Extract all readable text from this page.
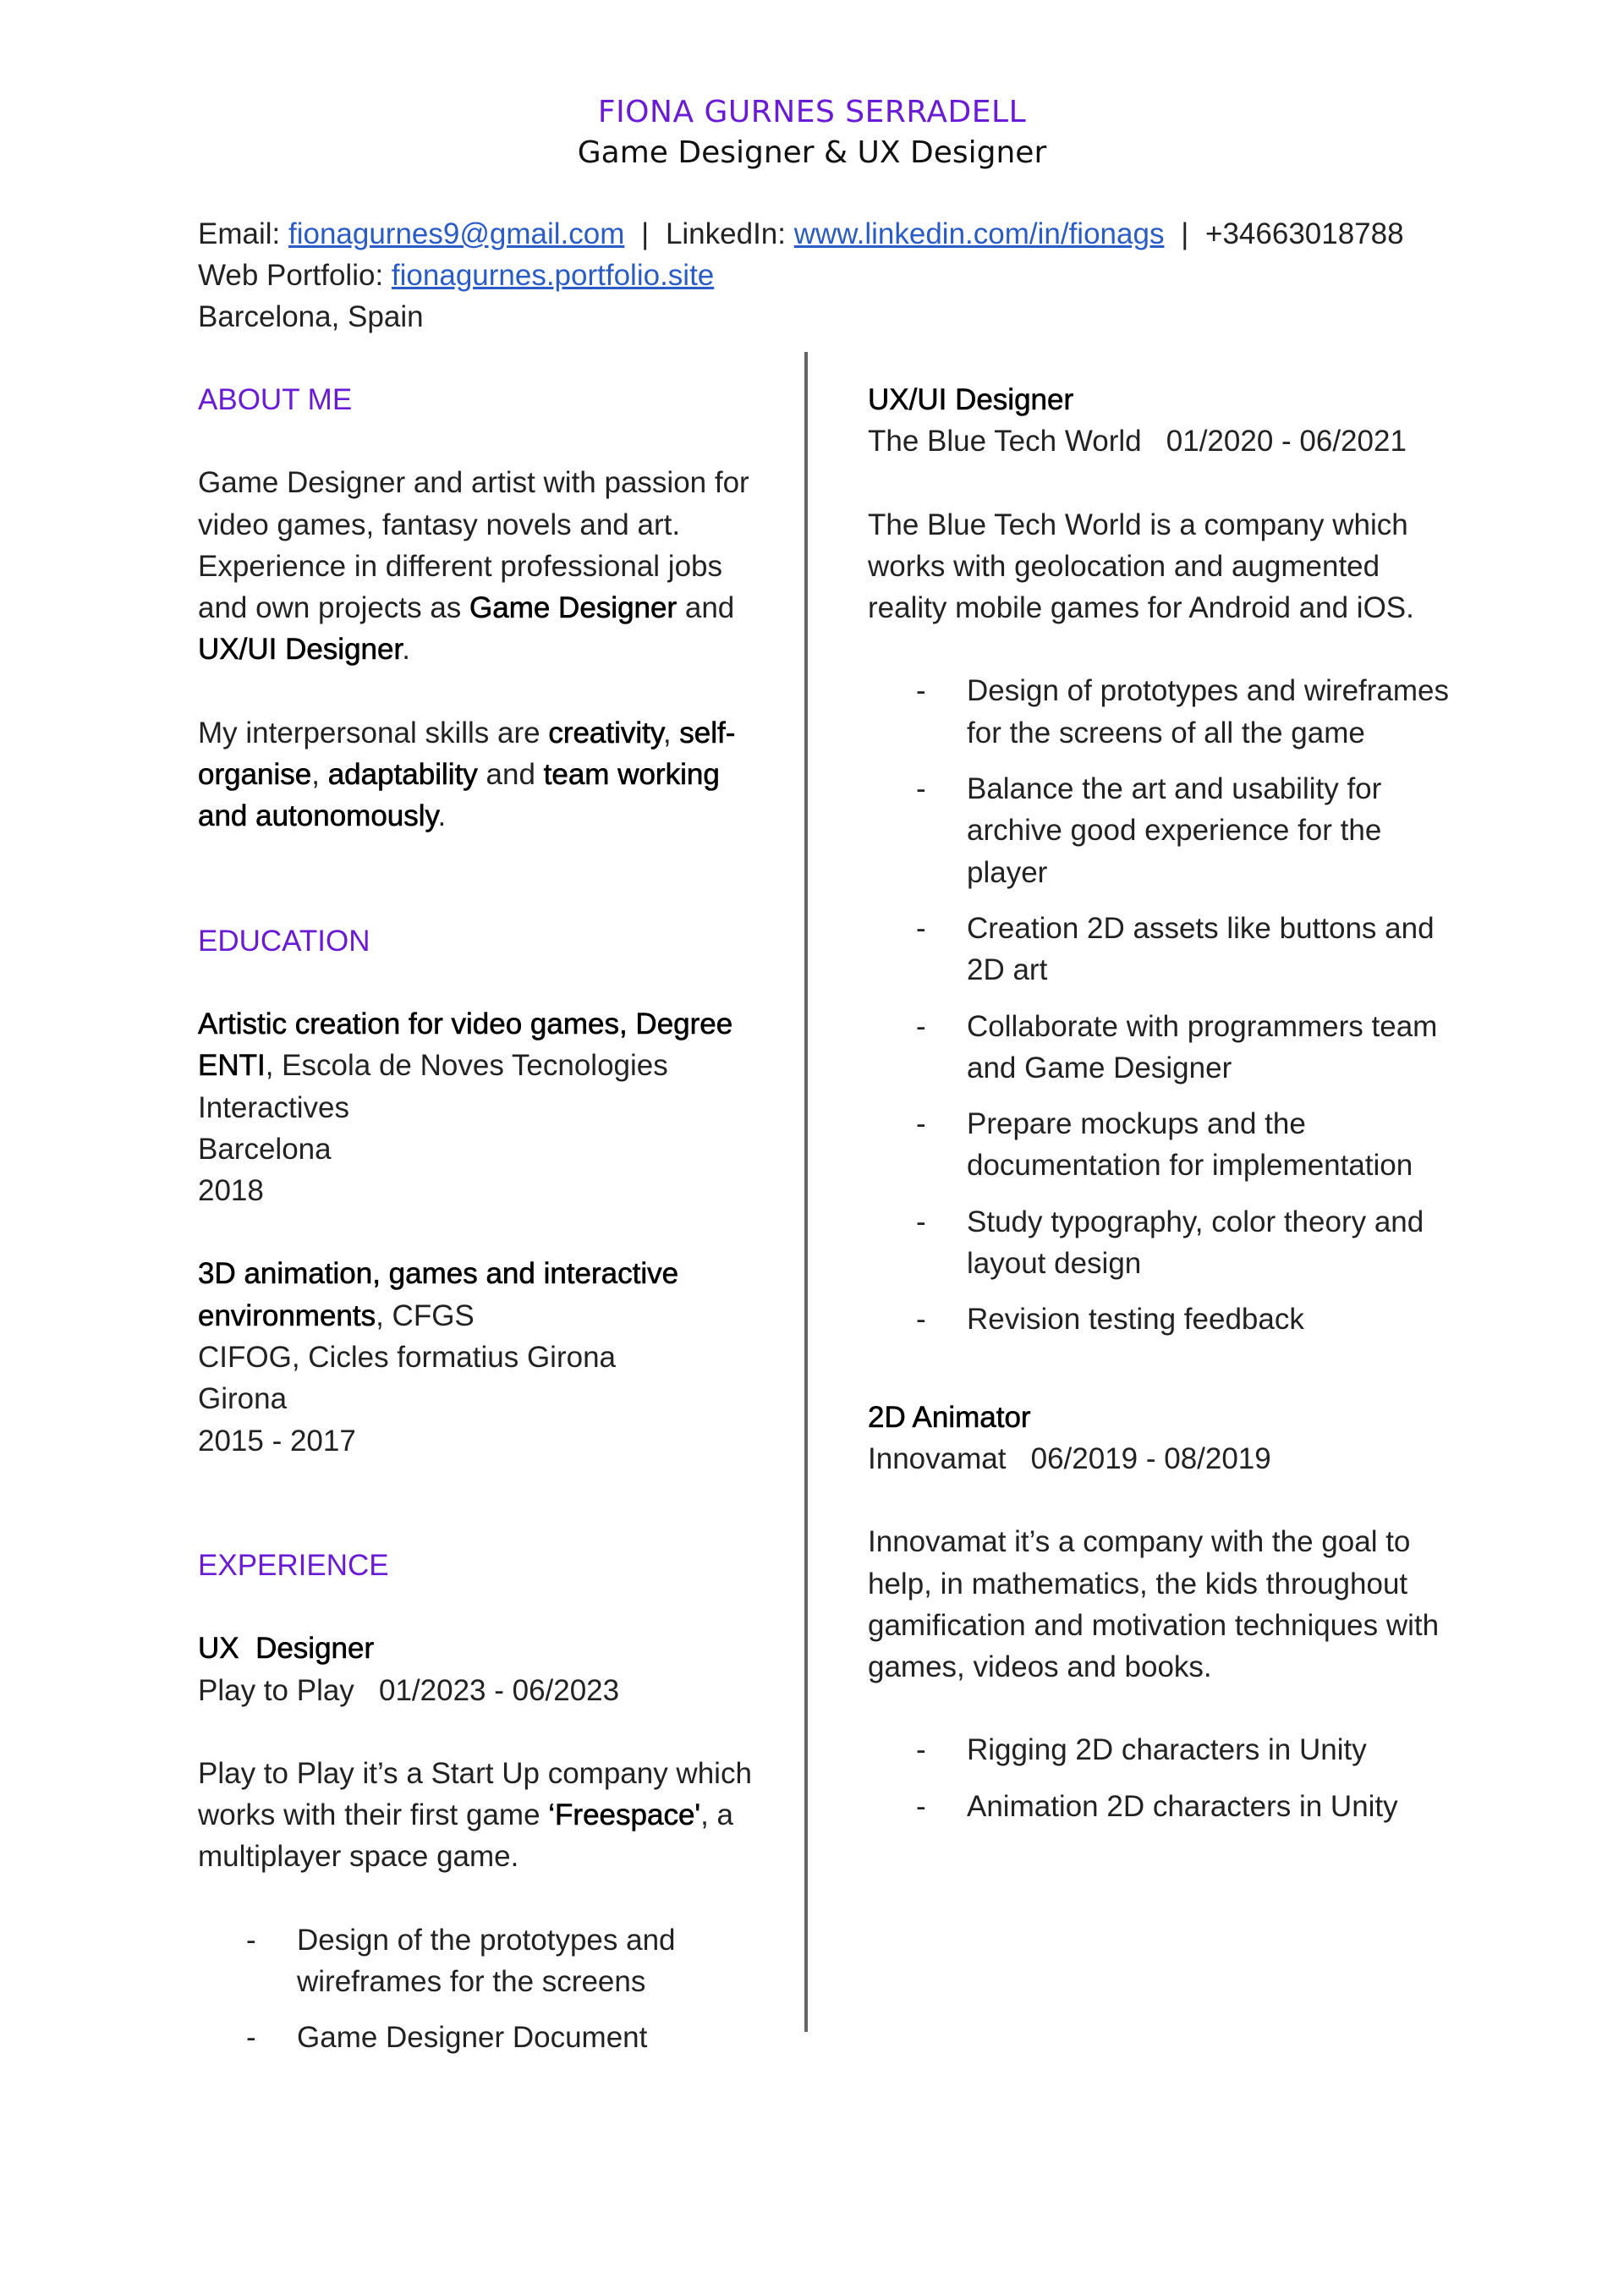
FIONA GURNES SERRADELL
Game Designer & UX Designer
Email: fionagurnes9@gmail.com | LinkedIn: www.linkedin.com/in/fionags | +34663018788
Web Portfolio: fionagurnes.portfolio.site
Barcelona, Spain
ABOUT ME

Game Designer and artist with passion for video games, fantasy novels and art. Experience in different professional jobs and own projects as Game Designer and UX/UI Designer.

My interpersonal skills are creativity, self-organise, adaptability and team working and autonomously.

EDUCATION

Artistic creation for video games, Degree ENTI, Escola de Noves Tecnologies Interactives

Barcelona

2018

3D animation, games and interactive environments, CFGS

CIFOG, Cicles formatius Girona

Girona

2015 - 2017

EXPERIENCE

UX  Designer

Play to Play   01/2023 - 06/2023

Play to Play it’s a Start Up company which works with their first game ‘Freespace', a multiplayer space game.

- Design of the prototypes and wireframes for the screens
- Game Designer Document

UX/UI Designer

The Blue Tech World   01/2020 - 06/2021

The Blue Tech World is a company which works with geolocation and augmented reality mobile games for Android and iOS.

- Design of prototypes and wireframes for the screens of all the game
- Balance the art and usability for archive good experience for the player
- Creation 2D assets like buttons and 2D art
- Collaborate with programmers team and Game Designer
- Prepare mockups and the documentation for implementation
- Study typography, color theory and layout design
- Revision testing feedback

2D Animator

Innovamat   06/2019 - 08/2019

Innovamat it’s a company with the goal to help, in mathematics, the kids throughout gamification and motivation techniques with games, videos and books.

- Rigging 2D characters in Unity
- Animation 2D characters in Unity
